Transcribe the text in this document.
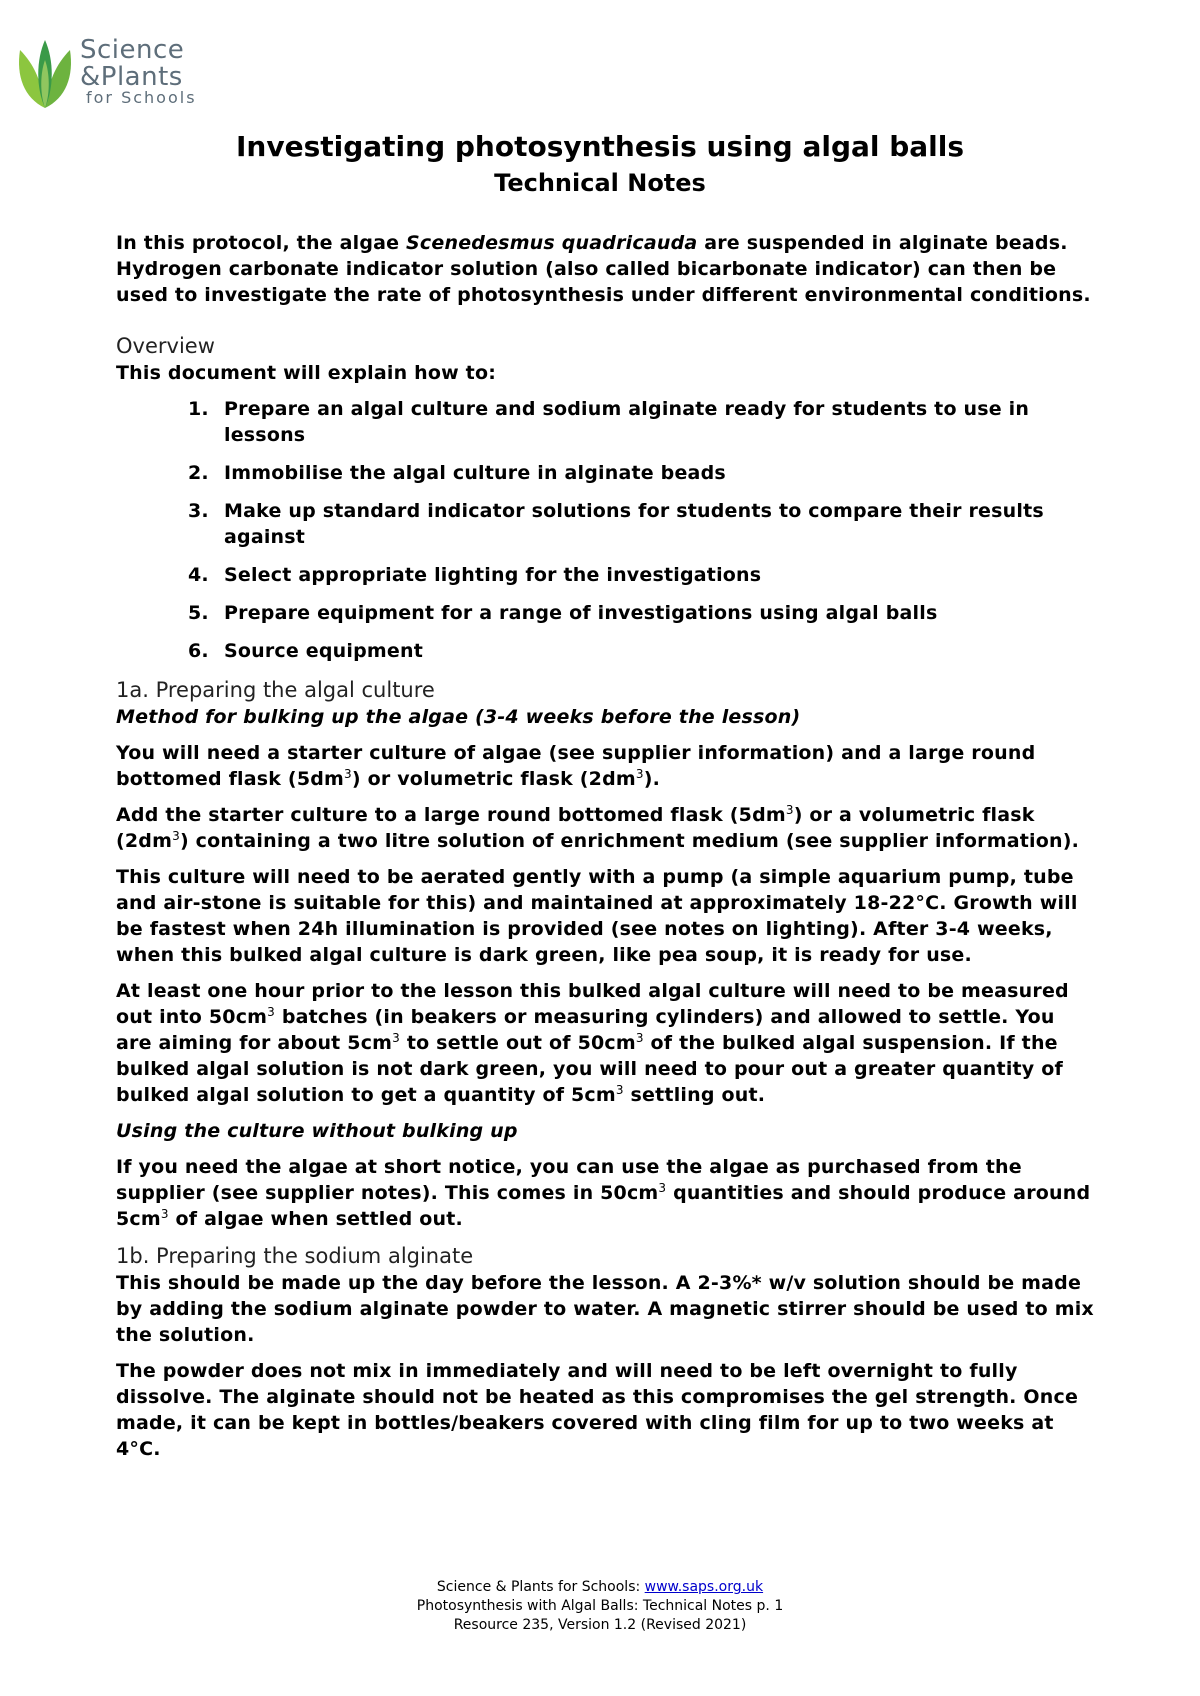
Science
&Plants
for Schools
Investigating photosynthesis using algal balls
Technical Notes

In this protocol, the algae Scenedesmus quadricauda are suspended in alginate beads. Hydrogen carbonate indicator solution (also called bicarbonate indicator) can then be used to investigate the rate of photosynthesis under different environmental conditions.

Overview

This document will explain how to:

1. Prepare an algal culture and sodium alginate ready for students to use in lessons
2. Immobilise the algal culture in alginate beads
3. Make up standard indicator solutions for students to compare their results against
4. Select appropriate lighting for the investigations
5. Prepare equipment for a range of investigations using algal balls
6. Source equipment

1a. Preparing the algal culture

Method for bulking up the algae (3-4 weeks before the lesson)

You will need a starter culture of algae (see supplier information) and a large round bottomed flask $(5dm^3)$ or volumetric flask $(2dm^3)$.

Add the starter culture to a large round bottomed flask $(5dm^3)$ or a volumetric flask $(2dm^3)$ containing a two litre solution of enrichment medium (see supplier information).

This culture will need to be aerated gently with a pump (a simple aquarium pump, tube and air-stone is suitable for this) and maintained at approximately 18-22°C. Growth will be fastest when 24h illumination is provided (see notes on lighting). After 3-4 weeks, when this bulked algal culture is dark green, like pea soup, it is ready for use.

At least one hour prior to the lesson this bulked algal culture will need to be measured out into $50cm^3$ batches (in beakers or measuring cylinders) and allowed to settle. You are aiming for about $5cm^3$ to settle out of $50cm^3$ of the bulked algal suspension. If the bulked algal solution is not dark green, you will need to pour out a greater quantity of bulked algal solution to get a quantity of $5cm^3$ settling out.

Using the culture without bulking up

If you need the algae at short notice, you can use the algae as purchased from the supplier (see supplier notes). This comes in $50cm^3$ quantities and should produce around $5cm^3$ of algae when settled out.

1b. Preparing the sodium alginate

This should be made up the day before the lesson. A 2-3%* w/v solution should be made by adding the sodium alginate powder to water. A magnetic stirrer should be used to mix the solution.

The powder does not mix in immediately and will need to be left overnight to fully dissolve. The alginate should not be heated as this compromises the gel strength. Once made, it can be kept in bottles/beakers covered with cling film for up to two weeks at 4°C.

Science & Plants for Schools: www.saps.org.uk
Photosynthesis with Algal Balls: Technical Notes p. 1
Resource 235, Version 1.2 (Revised 2021)
